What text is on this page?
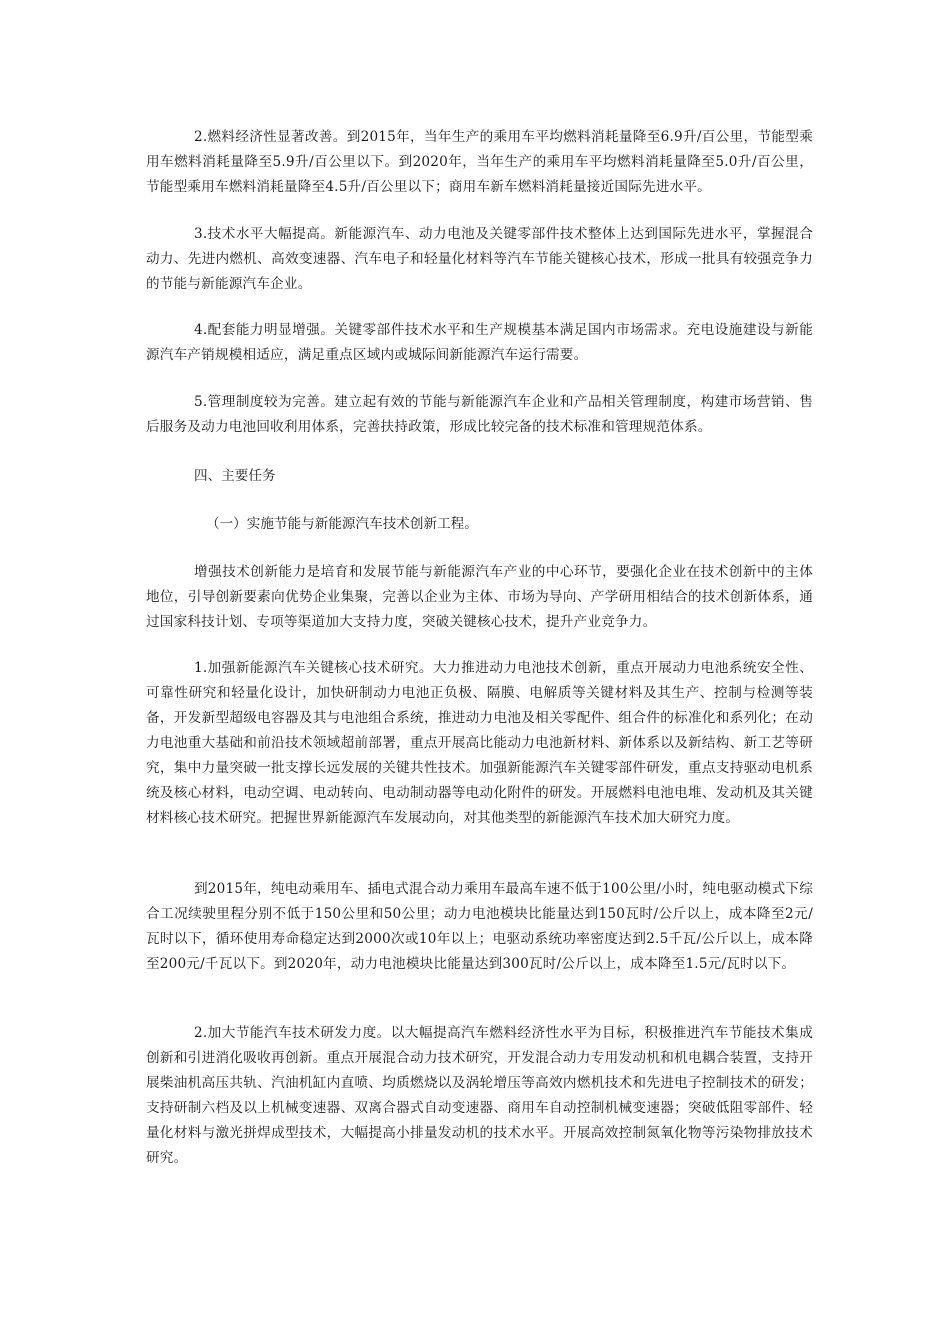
2.燃料经济性显著改善。到2015年，当年生产的乘用车平均燃料消耗量降至6.9升/百公里，节能型乘用车燃料消耗量降至5.9升/百公里以下。到2020年，当年生产的乘用车平均燃料消耗量降至5.0升/百公里，节能型乘用车燃料消耗量降至4.5升/百公里以下；商用车新车燃料消耗量接近国际先进水平。

3.技术水平大幅提高。新能源汽车、动力电池及关键零部件技术整体上达到国际先进水平，掌握混合动力、先进内燃机、高效变速器、汽车电子和轻量化材料等汽车节能关键核心技术，形成一批具有较强竞争力的节能与新能源汽车企业。

4.配套能力明显增强。关键零部件技术水平和生产规模基本满足国内市场需求。充电设施建设与新能源汽车产销规模相适应，满足重点区域内或城际间新能源汽车运行需要。

5.管理制度较为完善。建立起有效的节能与新能源汽车企业和产品相关管理制度，构建市场营销、售后服务及动力电池回收利用体系，完善扶持政策，形成比较完备的技术标准和管理规范体系。

四、主要任务

（一）实施节能与新能源汽车技术创新工程。

增强技术创新能力是培育和发展节能与新能源汽车产业的中心环节，要强化企业在技术创新中的主体地位，引导创新要素向优势企业集聚，完善以企业为主体、市场为导向、产学研用相结合的技术创新体系，通过国家科技计划、专项等渠道加大支持力度，突破关键核心技术，提升产业竞争力。

1.加强新能源汽车关键核心技术研究。大力推进动力电池技术创新，重点开展动力电池系统安全性、可靠性研究和轻量化设计，加快研制动力电池正负极、隔膜、电解质等关键材料及其生产、控制与检测等装备，开发新型超级电容器及其与电池组合系统，推进动力电池及相关零配件、组合件的标准化和系列化；在动力电池重大基础和前沿技术领域超前部署，重点开展高比能动力电池新材料、新体系以及新结构、新工艺等研究，集中力量突破一批支撑长远发展的关键共性技术。加强新能源汽车关键零部件研发，重点支持驱动电机系统及核心材料，电动空调、电动转向、电动制动器等电动化附件的研发。开展燃料电池电堆、发动机及其关键材料核心技术研究。把握世界新能源汽车发展动向，对其他类型的新能源汽车技术加大研究力度。

到2015年，纯电动乘用车、插电式混合动力乘用车最高车速不低于100公里/小时，纯电驱动模式下综合工况续驶里程分别不低于150公里和50公里；动力电池模块比能量达到150瓦时/公斤以上，成本降至2元/瓦时以下，循环使用寿命稳定达到2000次或10年以上；电驱动系统功率密度达到2.5千瓦/公斤以上，成本降至200元/千瓦以下。到2020年，动力电池模块比能量达到300瓦时/公斤以上，成本降至1.5元/瓦时以下。

2.加大节能汽车技术研发力度。以大幅提高汽车燃料经济性水平为目标，积极推进汽车节能技术集成创新和引进消化吸收再创新。重点开展混合动力技术研究，开发混合动力专用发动机和机电耦合装置，支持开展柴油机高压共轨、汽油机缸内直喷、均质燃烧以及涡轮增压等高效内燃机技术和先进电子控制技术的研发；支持研制六档及以上机械变速器、双离合器式自动变速器、商用车自动控制机械变速器；突破低阻零部件、轻量化材料与激光拼焊成型技术，大幅提高小排量发动机的技术水平。开展高效控制氮氧化物等污染物排放技术研究。
